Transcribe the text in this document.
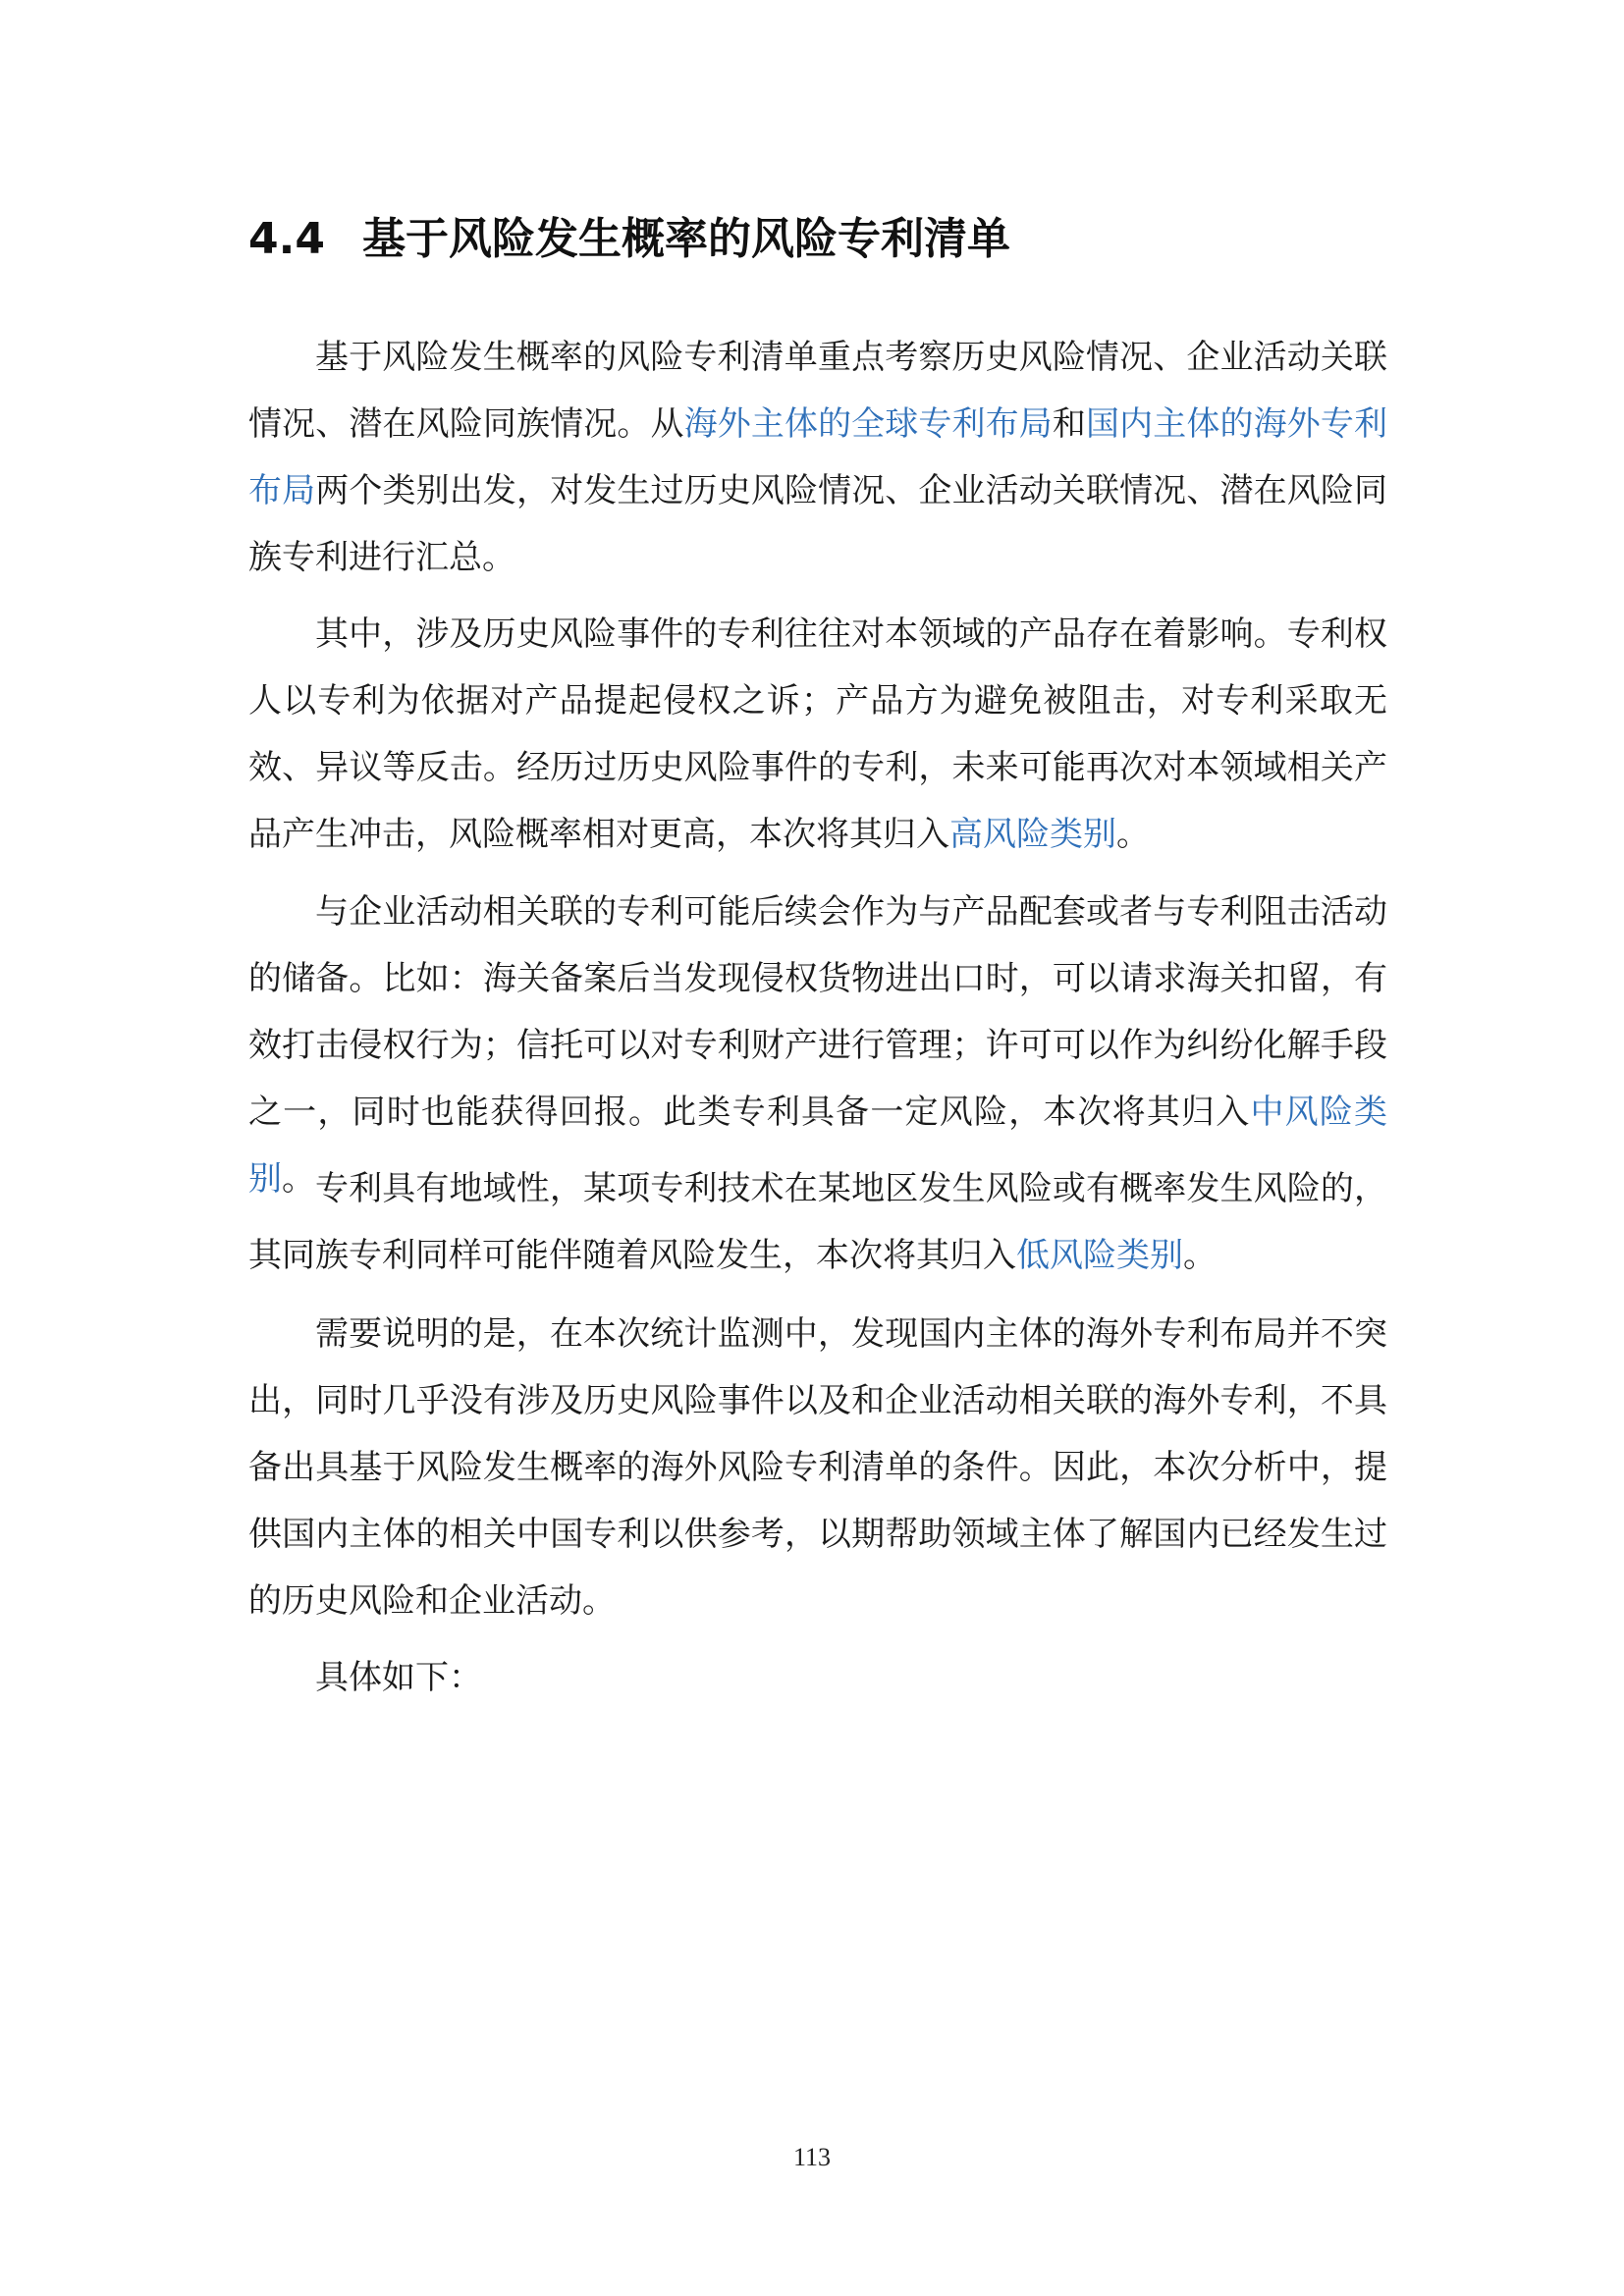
4.4 基于风险发生概率的风险专利清单

基于风险发生概率的风险专利清单重点考察历史风险情况、企业活动关联情况、潜在风险同族情况。从海外主体的全球专利布局和国内主体的海外专利布局两个类别出发，对发生过历史风险情况、企业活动关联情况、潜在风险同族专利进行汇总。

其中，涉及历史风险事件的专利往往对本领域的产品存在着影响。专利权人以专利为依据对产品提起侵权之诉；产品方为避免被阻击，对专利采取无效、异议等反击。经历过历史风险事件的专利，未来可能再次对本领域相关产品产生冲击，风险概率相对更高，本次将其归入高风险类别。

与企业活动相关联的专利可能后续会作为与产品配套或者与专利阻击活动的储备。比如：海关备案后当发现侵权货物进出口时，可以请求海关扣留，有效打击侵权行为；信托可以对专利财产进行管理；许可可以作为纠纷化解手段之一，同时也能获得回报。此类专利具备一定风险，本次将其归入中风险类别。 专利具有地域性，某项专利技术在某地区发生风险或有概率发生风险的，其同族专利同样可能伴随着风险发生，本次将其归入低风险类别。

需要说明的是，在本次统计监测中，发现国内主体的海外专利布局并不突出，同时几乎没有涉及历史风险事件以及和企业活动相关联的海外专利，不具备出具基于风险发生概率的海外风险专利清单的条件。因此，本次分析中，提供国内主体的相关中国专利以供参考，以期帮助领域主体了解国内已经发生过的历史风险和企业活动。

具体如下：

113
